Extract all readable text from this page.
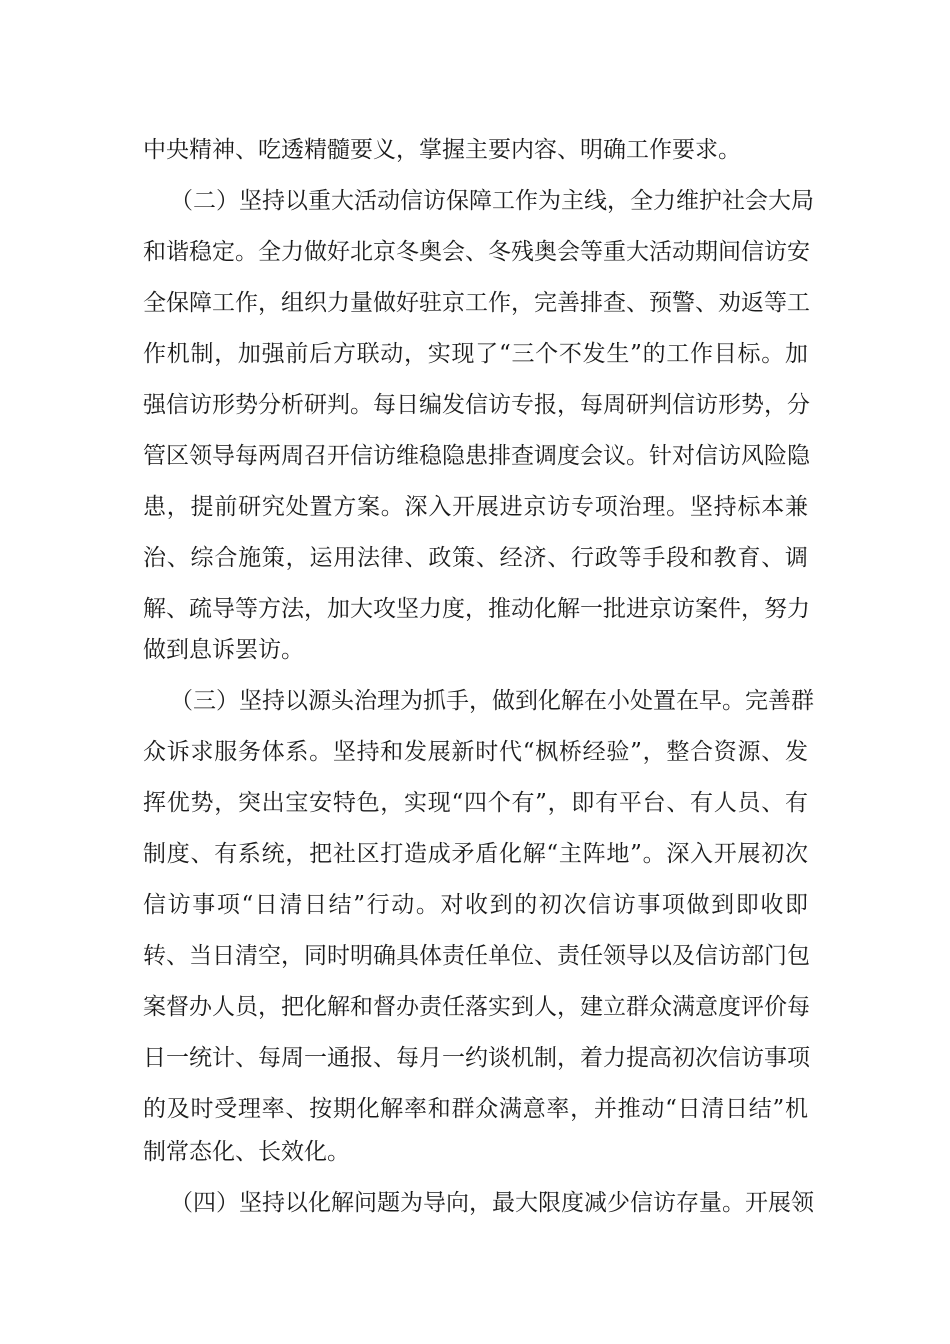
中央精神、吃透精髓要义，掌握主要内容、明确工作要求。
（二）坚持以重大活动信访保障工作为主线，全力维护社会大局
和谐稳定。全力做好北京冬奥会、冬残奥会等重大活动期间信访安
全保障工作，组织力量做好驻京工作，完善排查、预警、劝返等工
作机制，加强前后方联动，实现了“三个不发生”的工作目标。加
强信访形势分析研判。每日编发信访专报，每周研判信访形势，分
管区领导每两周召开信访维稳隐患排查调度会议。针对信访风险隐
患，提前研究处置方案。深入开展进京访专项治理。坚持标本兼
治、综合施策，运用法律、政策、经济、行政等手段和教育、调
解、疏导等方法，加大攻坚力度，推动化解一批进京访案件，努力
做到息诉罢访。
（三）坚持以源头治理为抓手，做到化解在小处置在早。完善群
众诉求服务体系。坚持和发展新时代“枫桥经验”，整合资源、发
挥优势，突出宝安特色，实现“四个有”，即有平台、有人员、有
制度、有系统，把社区打造成矛盾化解“主阵地”。深入开展初次
信访事项“日清日结”行动。对收到的初次信访事项做到即收即
转、当日清空，同时明确具体责任单位、责任领导以及信访部门包
案督办人员，把化解和督办责任落实到人，建立群众满意度评价每
日一统计、每周一通报、每月一约谈机制，着力提高初次信访事项
的及时受理率、按期化解率和群众满意率，并推动“日清日结”机
制常态化、长效化。
（四）坚持以化解问题为导向，最大限度减少信访存量。开展领
